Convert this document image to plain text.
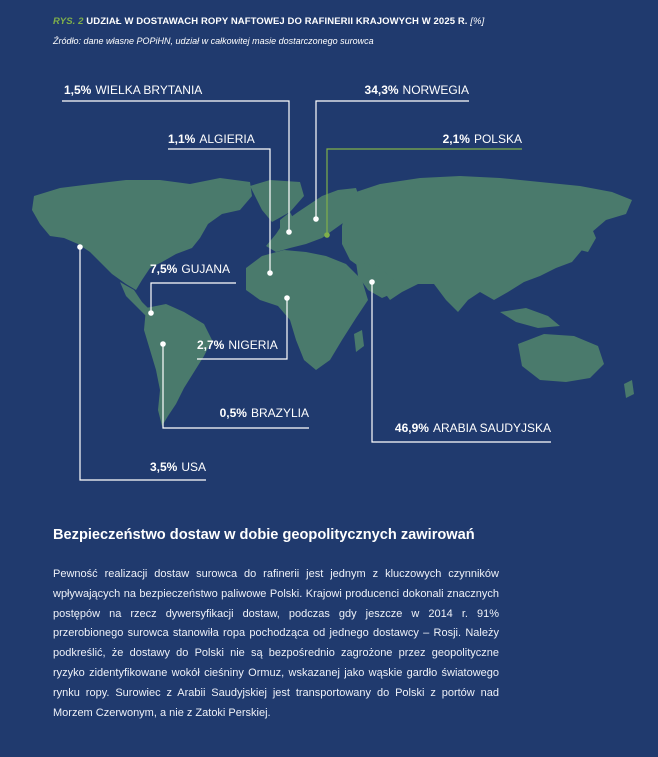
RYS. 2 UDZIAŁ W DOSTAWACH ROPY NAFTOWEJ DO RAFINERII KRAJOWYCH W 2025 R. [%]
Źródło: dane własne POPiHN, udział w całkowitej masie dostarczonego surowca
1,5% WIELKA BRYTANIA	34,3% NORWEGIA
1,1% ALGIERIA	2,1% POLSKA
7,5% GUJANA
2,7% NIGERIA
0,5% BRAZYLIA
46,9% ARABIA SAUDYJSKA
3,5% USA
Bezpieczeństwo dostaw w dobie geopolitycznych zawirowań

Pewność realizacji dostaw surowca do rafinerii jest jednym z kluczowych czynników wpływających na bezpieczeństwo paliwowe Polski. Krajowi producenci dokonali znacznych postępów na rzecz dywersyfikacji dostaw, podczas gdy jeszcze w 2014 r. 91% przerobionego surowca stanowiła ropa pochodząca od jednego dostawcy – Rosji. Należy podkreślić, że dostawy do Polski nie są bezpośrednio zagrożone przez geopolityczne ryzyko zidentyfikowane wokół cieśniny Ormuz, wskazanej jako wąskie gardło światowego rynku ropy. Surowiec z Arabii Saudyjskiej jest transportowany do Polski z portów nad Morzem Czerwonym, a nie z Zatoki Perskiej.
